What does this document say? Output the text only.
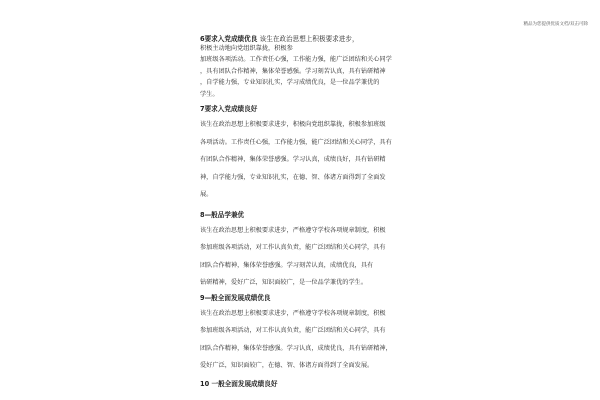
精品为您提供优质文档/双击可除

6要求入党成绩优良 该生在政治思想上积极要求进步，

积极主动地向党组织靠拢，积极参
加班级各项活动。工作责任心强，工作能力强，能广泛团结和关心同学
，具有团队合作精神，集体荣誉感强。学习刻苦认真，具有钻研精神
，自学能力强，专业知识扎实，学习成绩优良，是一位品学兼优的
学生。

7要求入党成绩良好

该生在政治思想上积极要求进步，积极向党组织靠拢，积极参加班级
各项活动。工作责任心强，工作能力强，能广泛团结和关心同学，具有
有团队合作精神，集体荣誉感强。学习认真，成绩良好，具有钻研精
神，自学能力强，专业知识扎实，在德、智、体诸方面得到了全面发
展。

8—般品学兼优

该生在政治思想上积极要求进步，严格遵守学校各项规章制度，积极
参加班级各项活动，对工作认真负责，能广泛团结和关心同学，具有
团队合作精神，集体荣誉感强。学习刻苦认真，成绩优良，具有
钻研精神，爱好广泛，知识面较广，是一位品学兼优的学生。

9—般全面发展成绩优良

该生在政治思想上积极要求进步，严格遵守学校各项规章制度，积极
参加班级各项活动，对工作认真负责，能广泛团结和关心同学，具有
团队合作精神，集体荣誉感强。学习认真，成绩优良，具有钻研精神，
爱好广泛，知识面较广，在德、智、体诸方面得到了全面发展。

10 一般全面发展成绩良好
